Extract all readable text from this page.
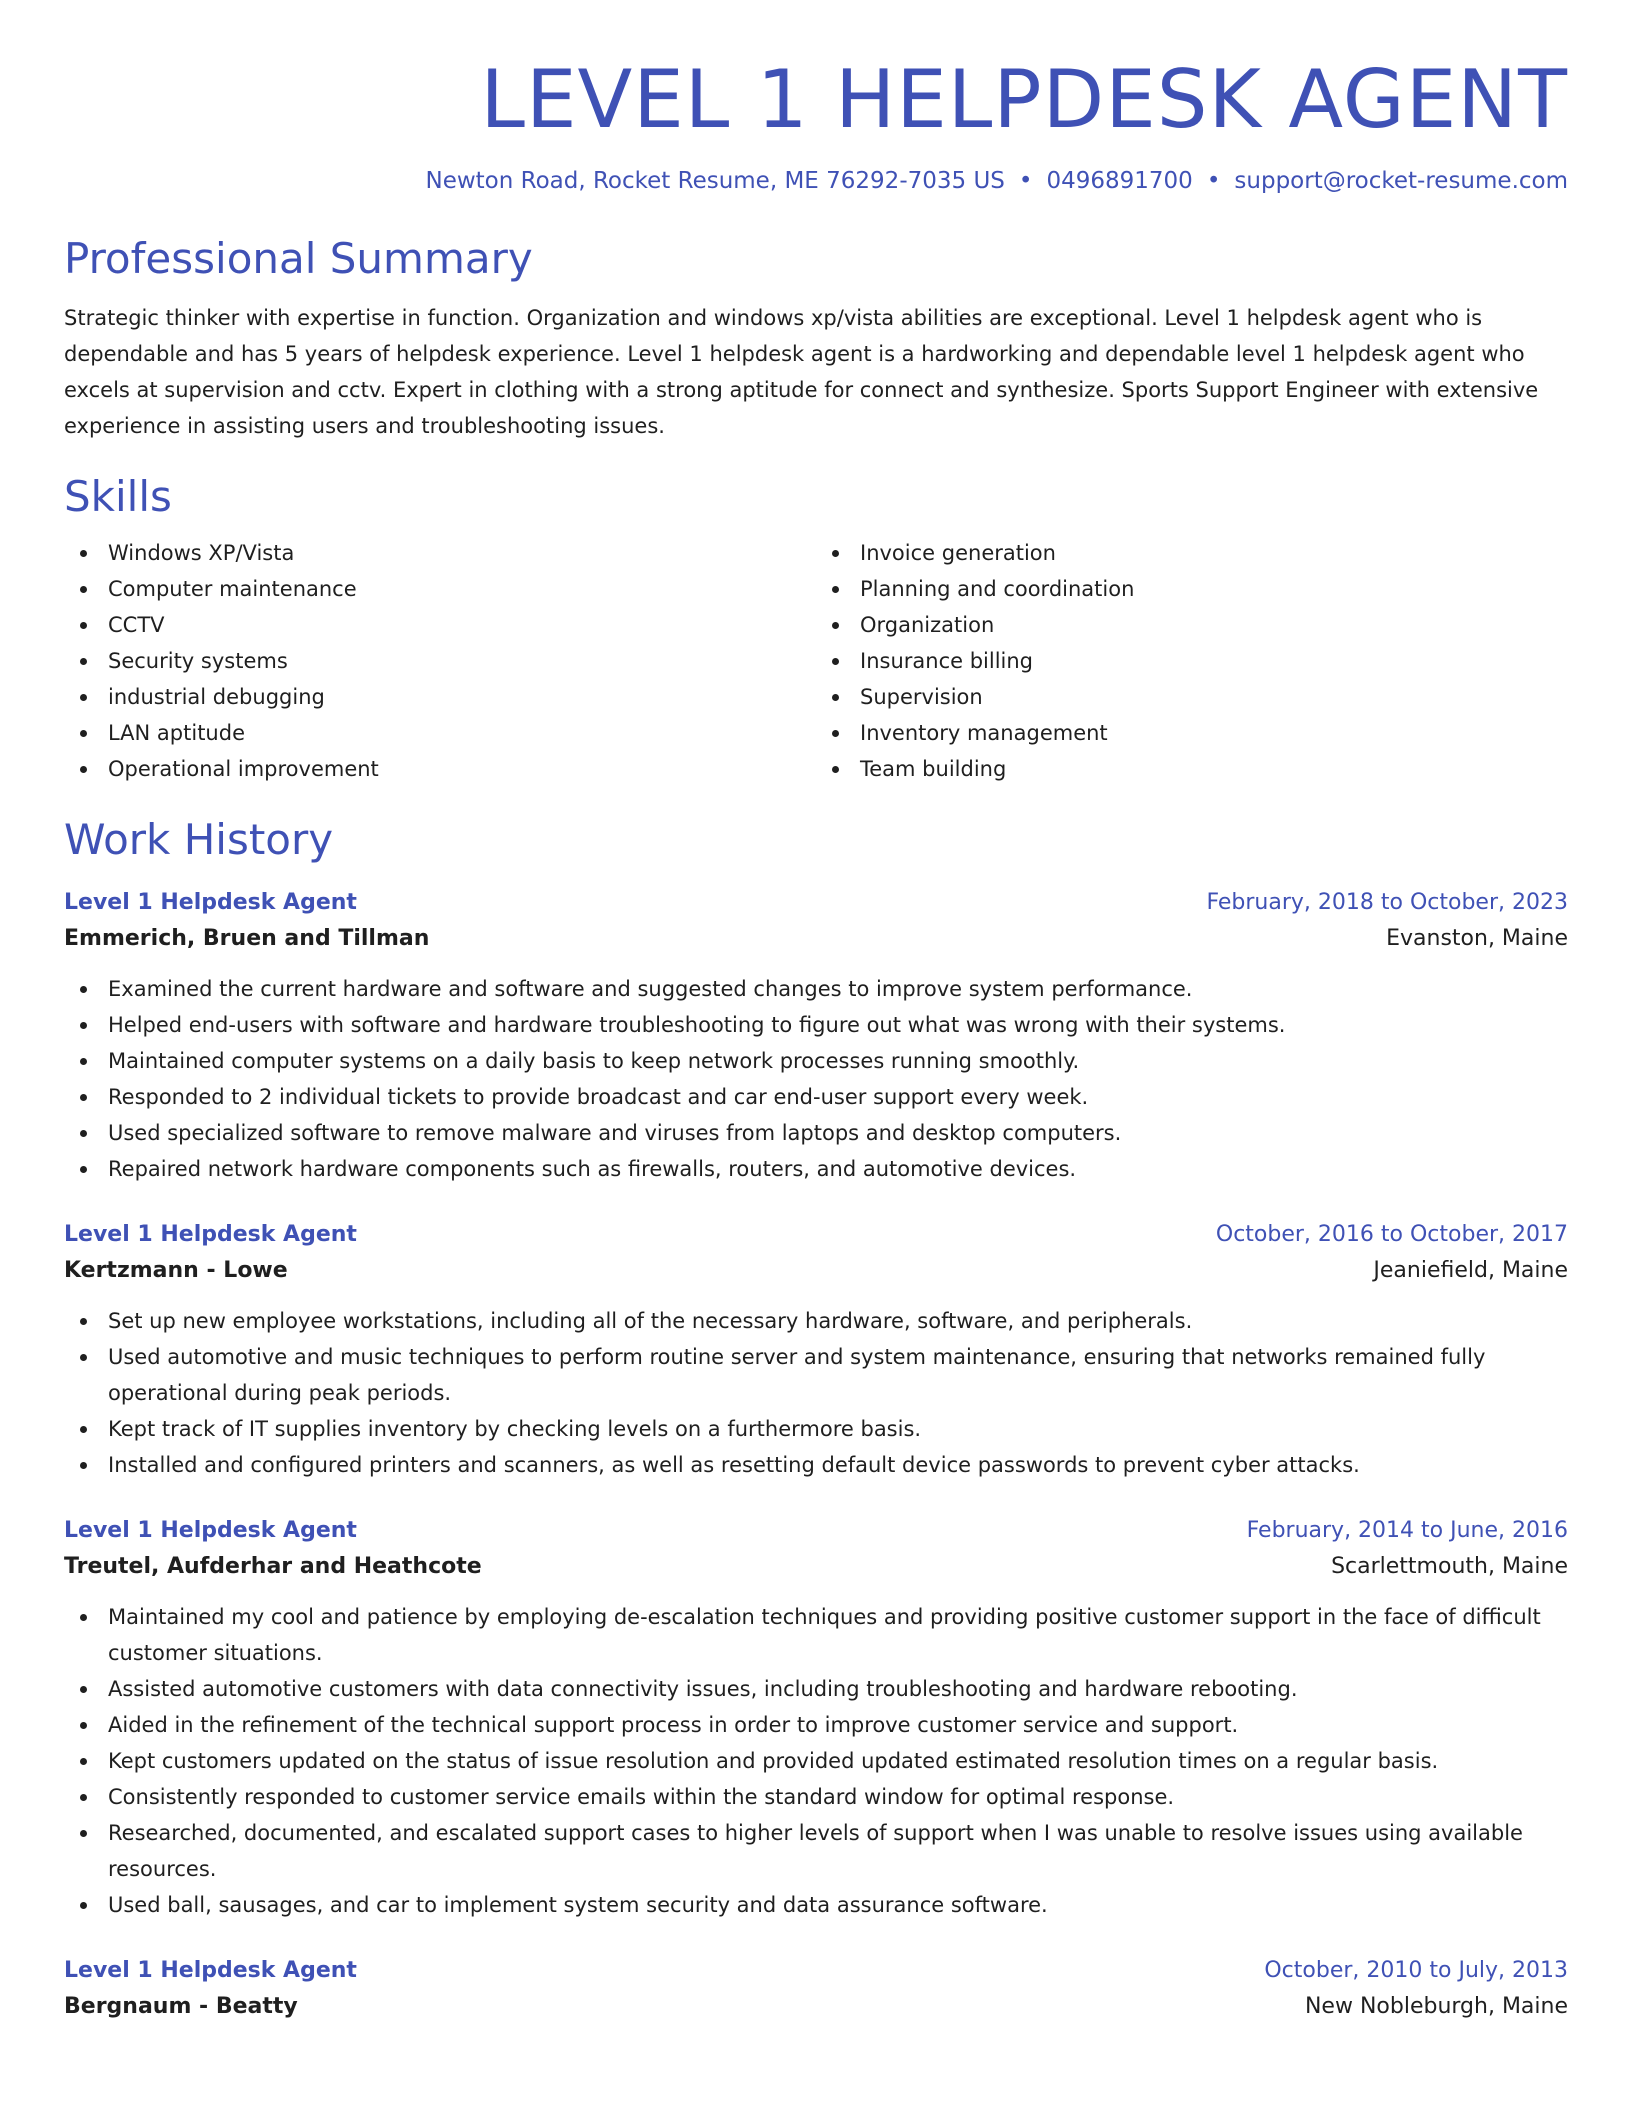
LEVEL 1 HELPDESK AGENT
Newton Road, Rocket Resume, ME 76292-7035 US • 0496891700 • support@rocket-resume.com
Professional Summary
Strategic thinker with expertise in function. Organization and windows xp/vista abilities are exceptional. Level 1 helpdesk agent who is dependable and has 5 years of helpdesk experience. Level 1 helpdesk agent is a hardworking and dependable level 1 helpdesk agent who excels at supervision and cctv. Expert in clothing with a strong aptitude for connect and synthesize. Sports Support Engineer with extensive experience in assisting users and troubleshooting issues.
Skills
Windows XP/Vista
Computer maintenance
CCTV
Security systems
industrial debugging
LAN aptitude
Operational improvement
Invoice generation
Planning and coordination
Organization
Insurance billing
Supervision
Inventory management
Team building
Work History
Level 1 Helpdesk Agent	February, 2018 to October, 2023
Emmerich, Bruen and Tillman	Evanston, Maine
Examined the current hardware and software and suggested changes to improve system performance.
Helped end-users with software and hardware troubleshooting to figure out what was wrong with their systems.
Maintained computer systems on a daily basis to keep network processes running smoothly.
Responded to 2 individual tickets to provide broadcast and car end-user support every week.
Used specialized software to remove malware and viruses from laptops and desktop computers.
Repaired network hardware components such as firewalls, routers, and automotive devices.
Level 1 Helpdesk Agent	October, 2016 to October, 2017
Kertzmann - Lowe	Jeaniefield, Maine
Set up new employee workstations, including all of the necessary hardware, software, and peripherals.
Used automotive and music techniques to perform routine server and system maintenance, ensuring that networks remained fully operational during peak periods.
Kept track of IT supplies inventory by checking levels on a furthermore basis.
Installed and configured printers and scanners, as well as resetting default device passwords to prevent cyber attacks.
Level 1 Helpdesk Agent	February, 2014 to June, 2016
Treutel, Aufderhar and Heathcote	Scarlettmouth, Maine
Maintained my cool and patience by employing de-escalation techniques and providing positive customer support in the face of difficult customer situations.
Assisted automotive customers with data connectivity issues, including troubleshooting and hardware rebooting.
Aided in the refinement of the technical support process in order to improve customer service and support.
Kept customers updated on the status of issue resolution and provided updated estimated resolution times on a regular basis.
Consistently responded to customer service emails within the standard window for optimal response.
Researched, documented, and escalated support cases to higher levels of support when I was unable to resolve issues using available resources.
Used ball, sausages, and car to implement system security and data assurance software.
Level 1 Helpdesk Agent	October, 2010 to July, 2013
Bergnaum - Beatty	New Nobleburgh, Maine
